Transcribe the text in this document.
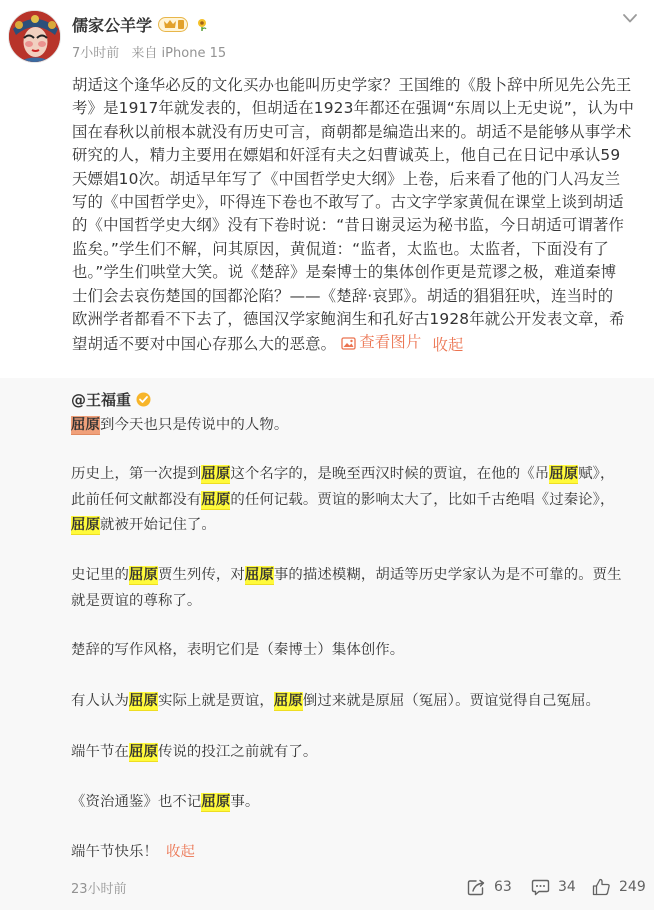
儒家公羊学
7小时前 来自 iPhone 15
胡适这个逢华必反的文化买办也能叫历史学家？王国维的《殷卜辞中所见先公先王
考》是1917年就发表的，但胡适在1923年都还在强调“东周以上无史说”，认为中
国在春秋以前根本就没有历史可言，商朝都是编造出来的。胡适不是能够从事学术
研究的人，精力主要用在嫖娼和奸淫有夫之妇曹诚英上，他自己在日记中承认59
天嫖娼10次。胡适早年写了《中国哲学史大纲》上卷，后来看了他的门人冯友兰
写的《中国哲学史》，吓得连下卷也不敢写了。古文字学家黄侃在课堂上谈到胡适
的《中国哲学史大纲》没有下卷时说：“昔日谢灵运为秘书监，今日胡适可谓著作
监矣。”学生们不解，问其原因，黄侃道：“监者，太监也。太监者，下面没有了
也。”学生们哄堂大笑。说《楚辞》是秦博士的集体创作更是荒谬之极，难道秦博
士们会去哀伤楚国的国都沦陷？——《楚辞·哀郢》。胡适的猖猖狂吠，连当时的
欧洲学者都看不下去了，德国汉学家鲍润生和孔好古1928年就公开发表文章，希
望胡适不要对中国心存那么大的恶意。 查看图片 收起
@王福重
屈原到今天也只是传说中的人物。
历史上，第一次提到屈原这个名字的，是晚至西汉时候的贾谊，在他的《吊屈原赋》，
此前任何文献都没有屈原的任何记载。贾谊的影响太大了，比如千古绝唱《过秦论》，
屈原就被开始记住了。
史记里的屈原贾生列传，对屈原事的描述模糊，胡适等历史学家认为是不可靠的。贾生
就是贾谊的尊称了。
楚辞的写作风格，表明它们是（秦博士）集体创作。
有人认为屈原实际上就是贾谊，屈原倒过来就是原屈（冤屈）。贾谊觉得自己冤屈。
端午节在屈原传说的投江之前就有了。
《资治通鉴》也不记屈原事。
端午节快乐！ 收起
23小时前	63	34	249
